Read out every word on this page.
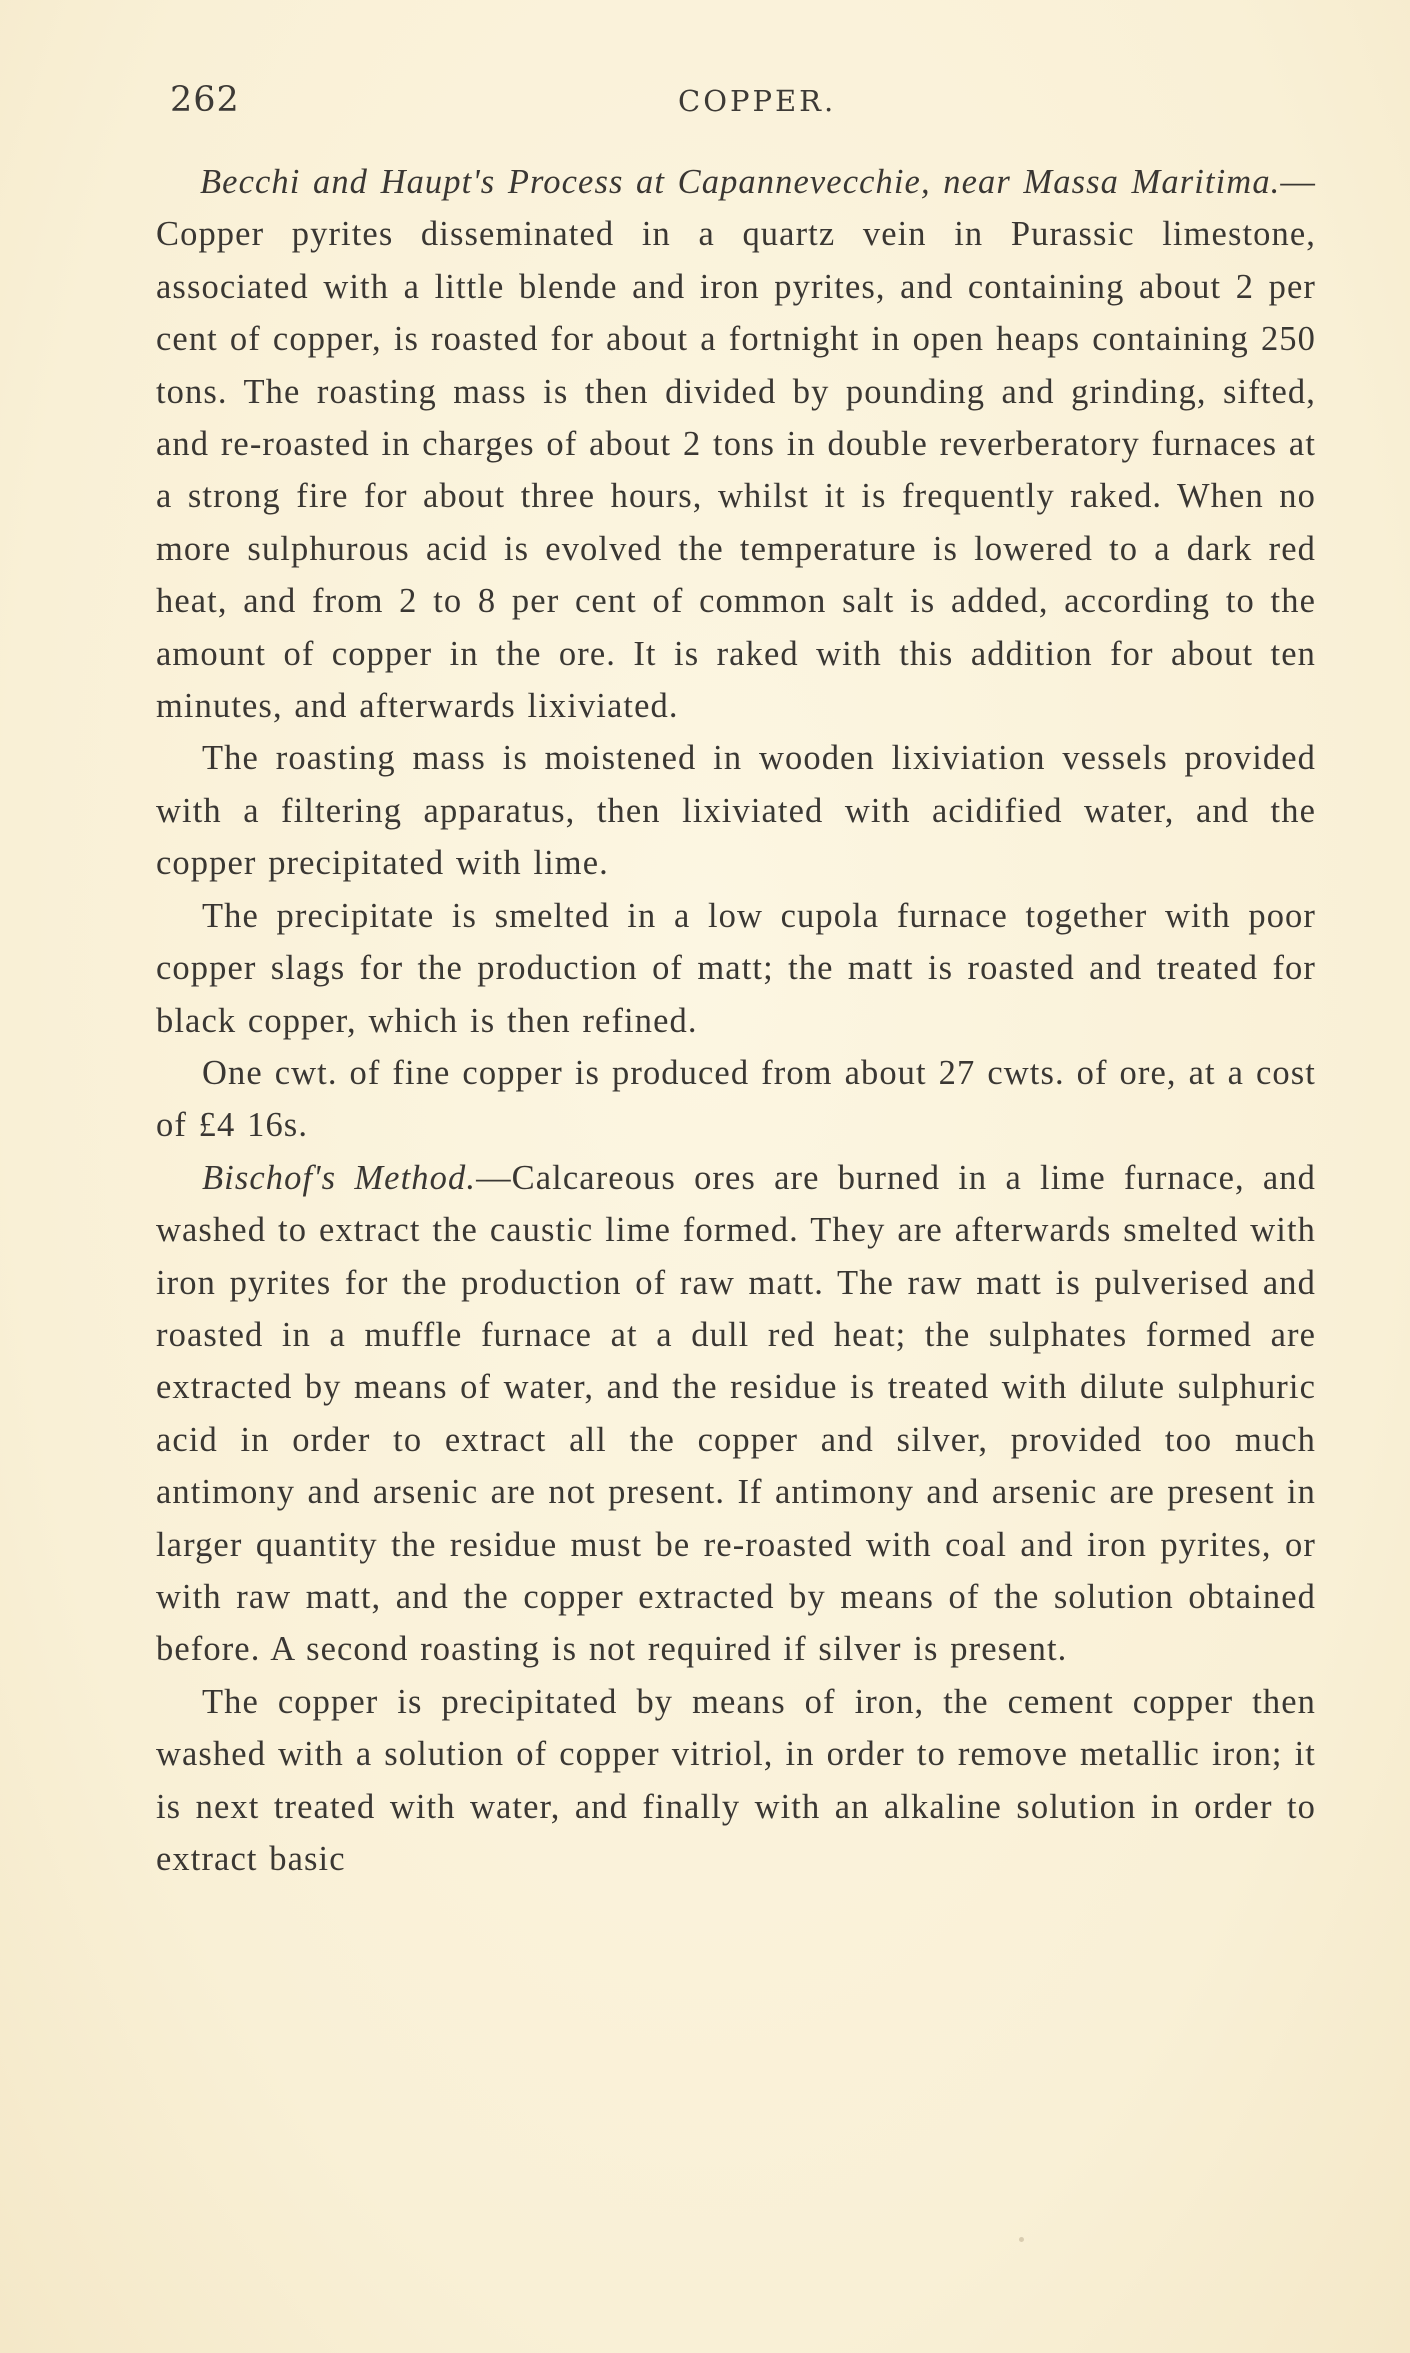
262	COPPER.

Becchi and Haupt's Process at Capannevecchie, near Massa Maritima.—Copper pyrites disseminated in a quartz vein in Purassic limestone, associated with a little blende and iron pyrites, and containing about 2 per cent of copper, is roasted for about a fortnight in open heaps containing 250 tons. The roasting mass is then divided by pounding and grinding, sifted, and re-roasted in charges of about 2 tons in double reverberatory furnaces at a strong fire for about three hours, whilst it is frequently raked. When no more sulphurous acid is evolved the temperature is lowered to a dark red heat, and from 2 to 8 per cent of common salt is added, according to the amount of copper in the ore. It is raked with this addition for about ten minutes, and afterwards lixiviated.

The roasting mass is moistened in wooden lixiviation vessels provided with a filtering apparatus, then lixiviated with acidified water, and the copper precipitated with lime.

The precipitate is smelted in a low cupola furnace together with poor copper slags for the production of matt; the matt is roasted and treated for black copper, which is then refined.

One cwt. of fine copper is produced from about 27 cwts. of ore, at a cost of £4 16s.

Bischof's Method.—Calcareous ores are burned in a lime furnace, and washed to extract the caustic lime formed. They are afterwards smelted with iron pyrites for the production of raw matt. The raw matt is pulverised and roasted in a muffle furnace at a dull red heat; the sulphates formed are extracted by means of water, and the residue is treated with dilute sulphuric acid in order to extract all the copper and silver, provided too much antimony and arsenic are not present. If antimony and arsenic are present in larger quantity the residue must be re-roasted with coal and iron pyrites, or with raw matt, and the copper extracted by means of the solution obtained before. A second roasting is not required if silver is present.

The copper is precipitated by means of iron, the cement copper then washed with a solution of copper vitriol, in order to remove metallic iron; it is next treated with water, and finally with an alkaline solution in order to extract basic
